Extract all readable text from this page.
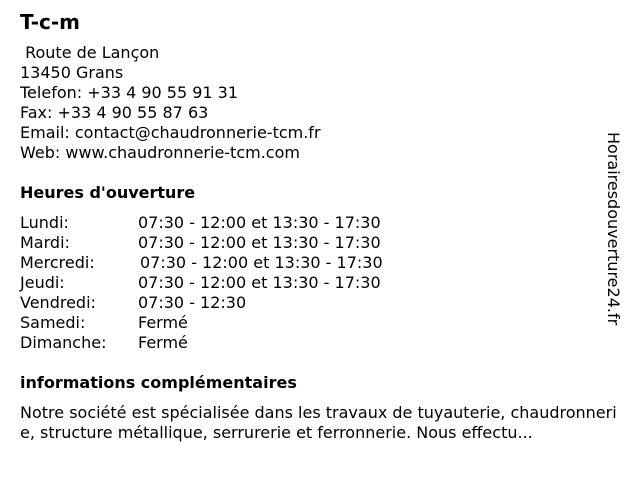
T-c-m
Route de Lançon
13450 Grans
Telefon: +33 4 90 55 91 31
Fax: +33 4 90 55 87 63
Email: contact@chaudronnerie-tcm.fr
Web: www.chaudronnerie-tcm.com
Heures d'ouverture
Lundi:	07:30 - 12:00 et 13:30 - 17:30
Mardi:	07:30 - 12:00 et 13:30 - 17:30
Mercredi:	07:30 - 12:00 et 13:30 - 17:30
Jeudi:	07:30 - 12:00 et 13:30 - 17:30
Vendredi:	07:30 - 12:30
Samedi:	Fermé
Dimanche: Fermé
informations complémentaires
Notre société est spécialisée dans les travaux de tuyauterie, chaudronnerie, structure métallique, serrurerie et ferronnerie. Nous effectu...
Horairesdouverture24.fr
